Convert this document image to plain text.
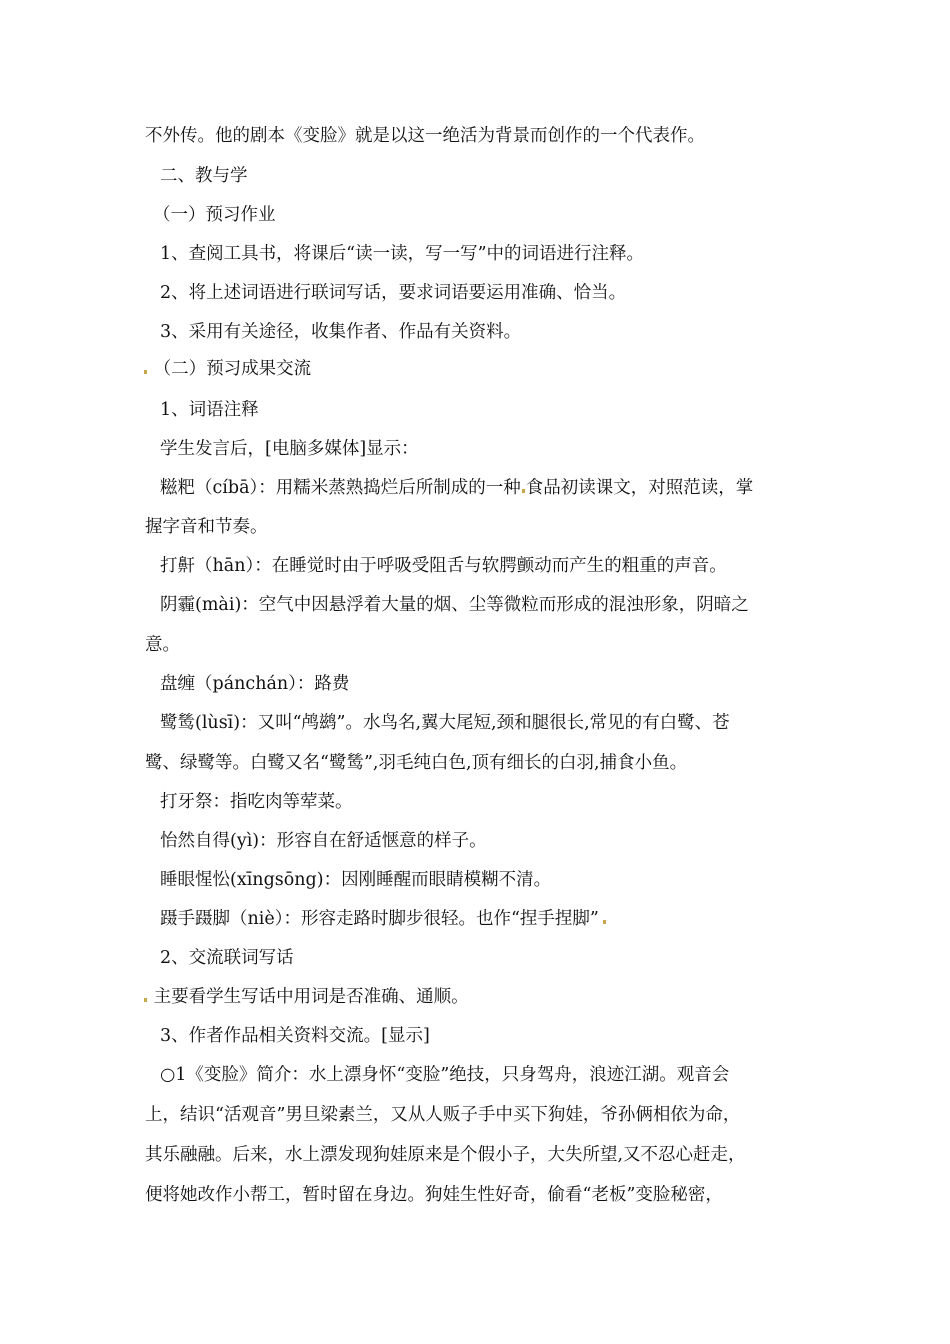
不外传。他的剧本《变脸》就是以这一绝活为背景而创作的一个代表作。
二、教与学
（一）预习作业
1、查阅工具书，将课后“读一读，写一写”中的词语进行注释。
2、将上述词语进行联词写话，要求词语要运用准确、恰当。
3、采用有关途径，收集作者、作品有关资料。
（二）预习成果交流
1、词语注释
学生发言后，[电脑多媒体]显示：
糍粑（cíbā）：用糯米蒸熟捣烂后所制成的一种 食品初读课文，对照范读，掌
握字音和节奏。
打鼾（hān）：在睡觉时由于呼吸受阻舌与软腭颤动而产生的粗重的声音。
阴霾(mài)：空气中因悬浮着大量的烟、尘等微粒而形成的混浊形象，阴暗之
意。
盘缠（pánchán）：路费
鹭鸶(lùsī)：又叫“鸬鹚”。水鸟名,翼大尾短,颈和腿很长,常见的有白鹭、苍
鹭、绿鹭等。白鹭又名“鹭鸶”,羽毛纯白色,顶有细长的白羽,捕食小鱼。
打牙祭：指吃肉等荤菜。
怡然自得(yì)：形容自在舒适惬意的样子。
睡眼惺忪(xīngsōng)：因刚睡醒而眼睛模糊不清。
蹑手蹑脚（niè）：形容走路时脚步很轻。也作“捏手捏脚”
2、交流联词写话
主要看学生写话中用词是否准确、通顺。
3、作者作品相关资料交流。[显示]
○1《变脸》简介：水上漂身怀“变脸”绝技，只身驾舟，浪迹江湖。观音会
上，结识“活观音”男旦梁素兰，又从人贩子手中买下狗娃，爷孙俩相依为命，
其乐融融。后来，水上漂发现狗娃原来是个假小子，大失所望,又不忍心赶走，
便将她改作小帮工，暂时留在身边。狗娃生性好奇，偷看“老板”变脸秘密，
